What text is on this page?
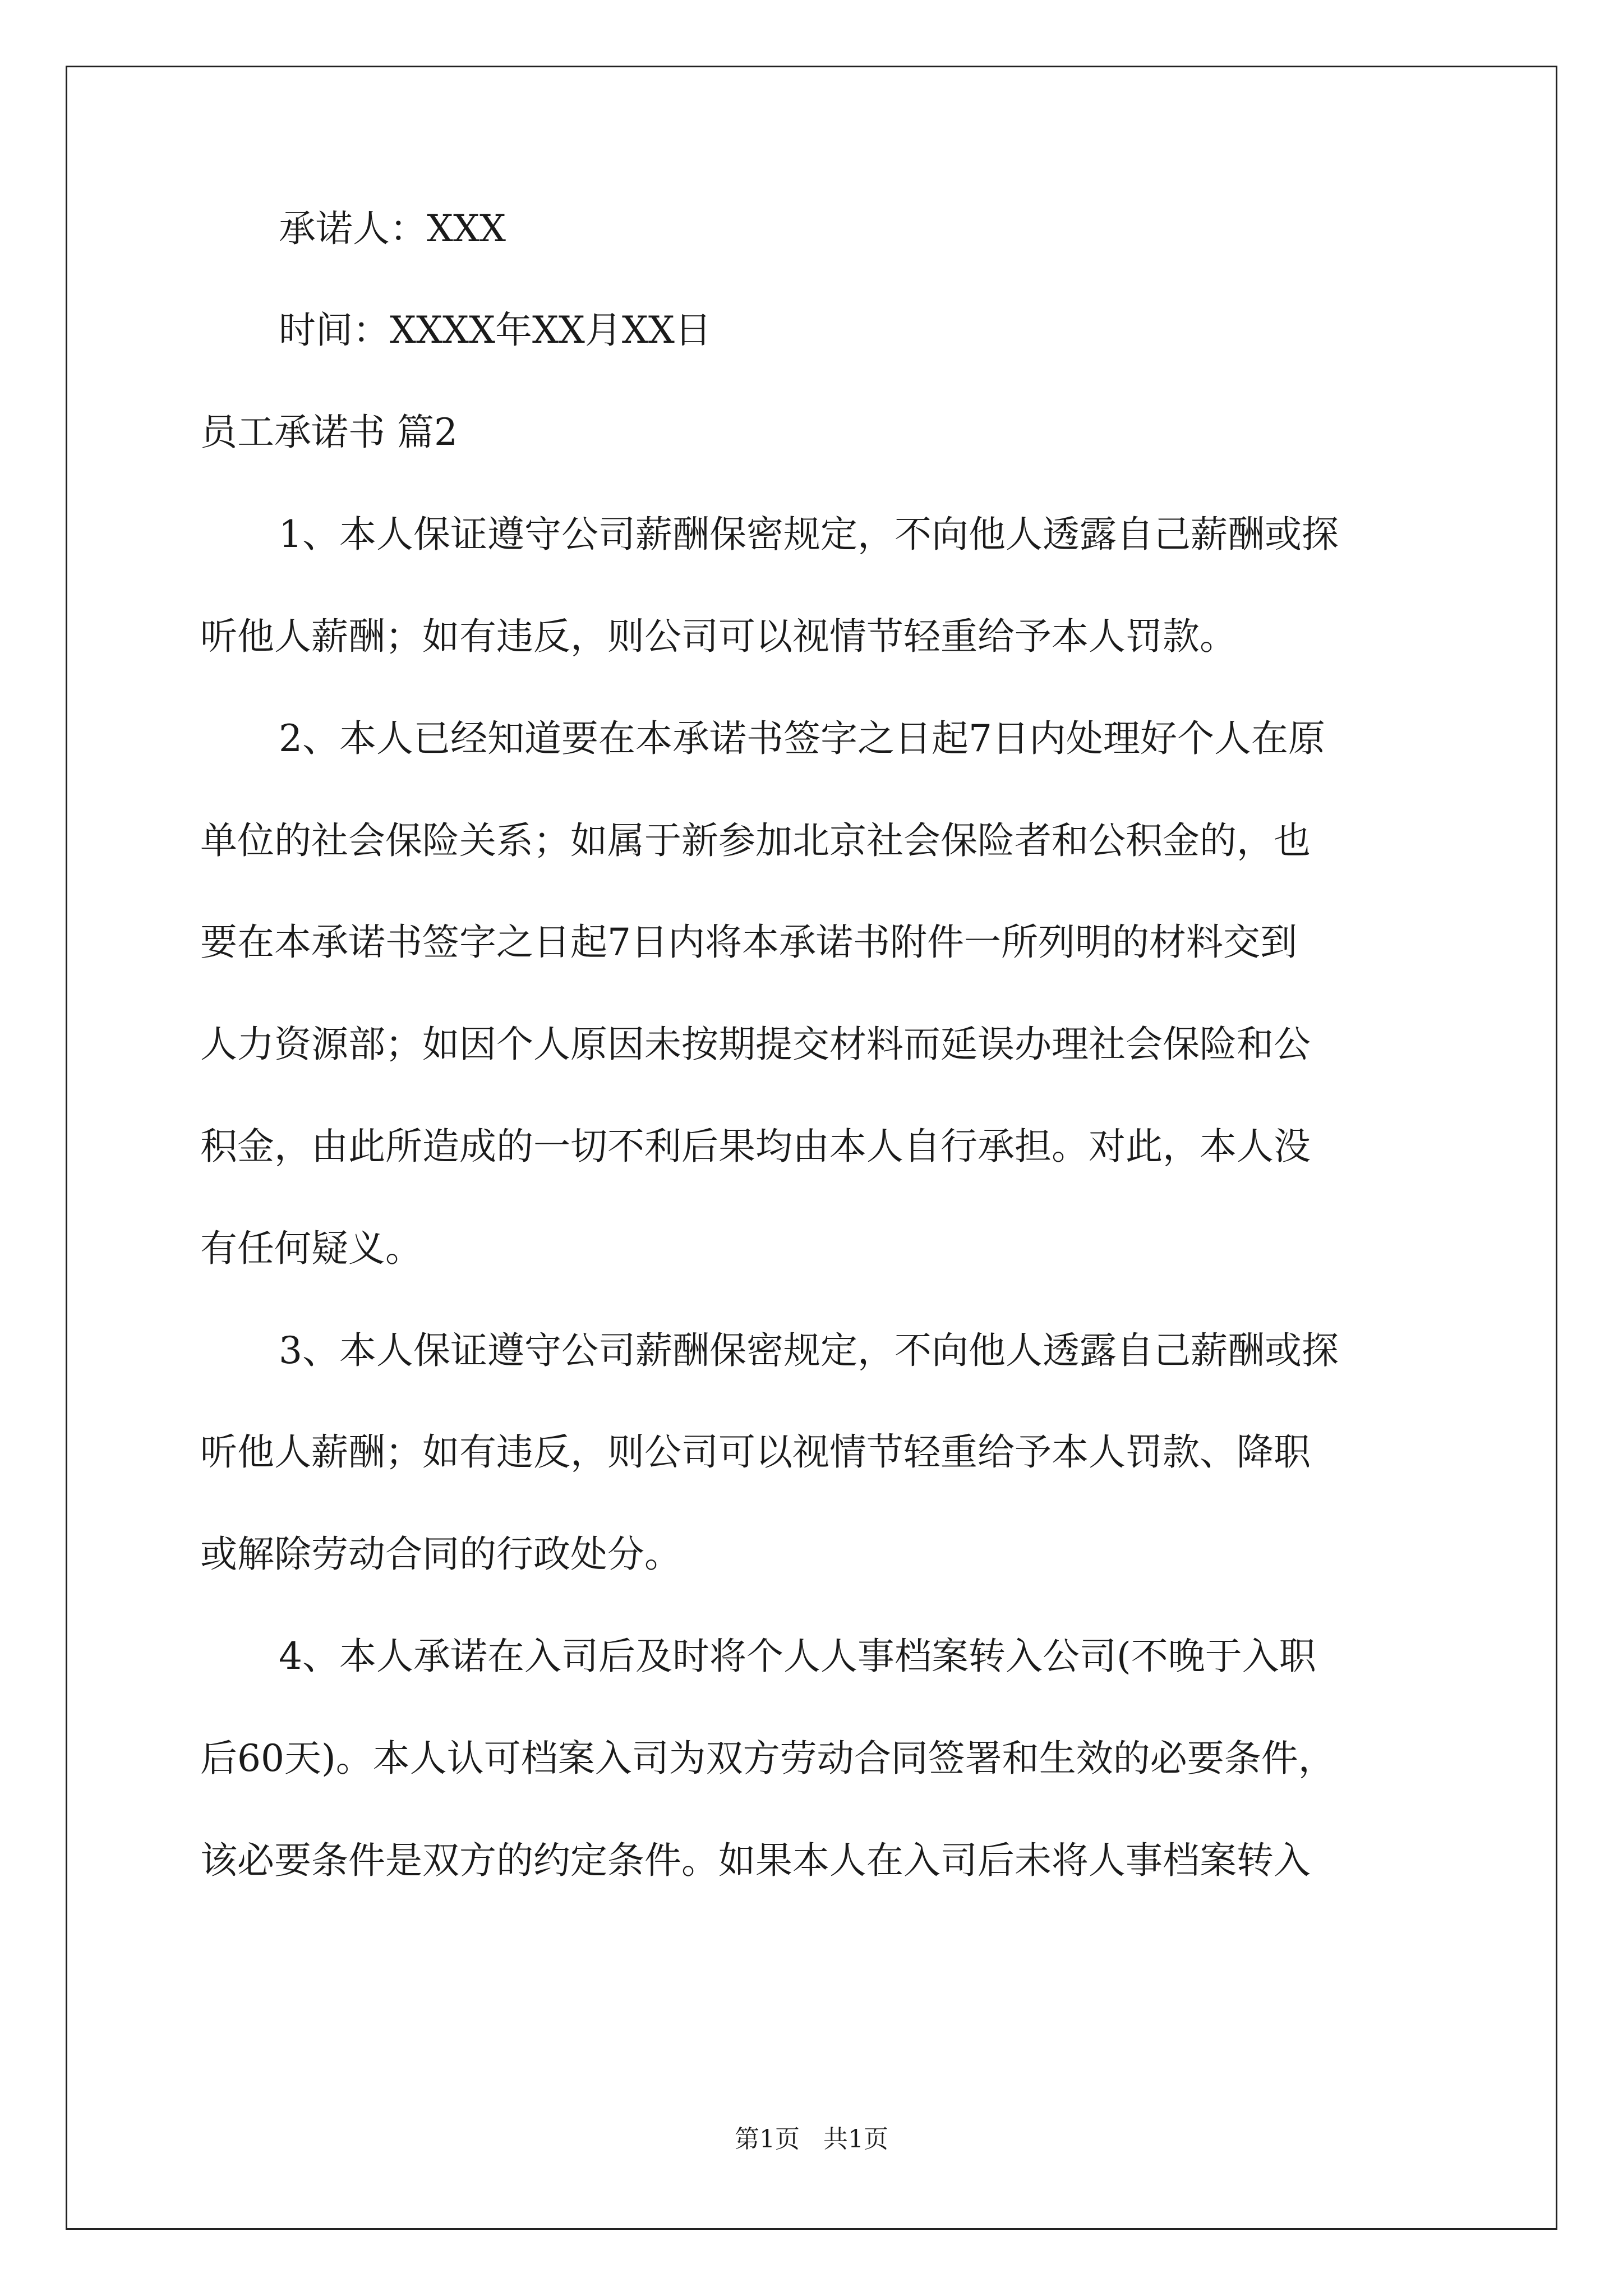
承诺人：XXX
时间：XXXX年XX月XX日
员工承诺书 篇2
1、本人保证遵守公司薪酬保密规定，不向他人透露自己薪酬或探
听他人薪酬；如有违反，则公司可以视情节轻重给予本人罚款。
2、本人已经知道要在本承诺书签字之日起7日内处理好个人在原
单位的社会保险关系；如属于新参加北京社会保险者和公积金的，也
要在本承诺书签字之日起7日内将本承诺书附件一所列明的材料交到
人力资源部；如因个人原因未按期提交材料而延误办理社会保险和公
积金，由此所造成的一切不利后果均由本人自行承担。对此，本人没
有任何疑义。
3、本人保证遵守公司薪酬保密规定，不向他人透露自己薪酬或探
听他人薪酬；如有违反，则公司可以视情节轻重给予本人罚款、降职
或解除劳动合同的行政处分。
4、本人承诺在入司后及时将个人人事档案转入公司(不晚于入职
后60天)。本人认可档案入司为双方劳动合同签署和生效的必要条件，
该必要条件是双方的约定条件。如果本人在入司后未将人事档案转入
第1页   共1页
